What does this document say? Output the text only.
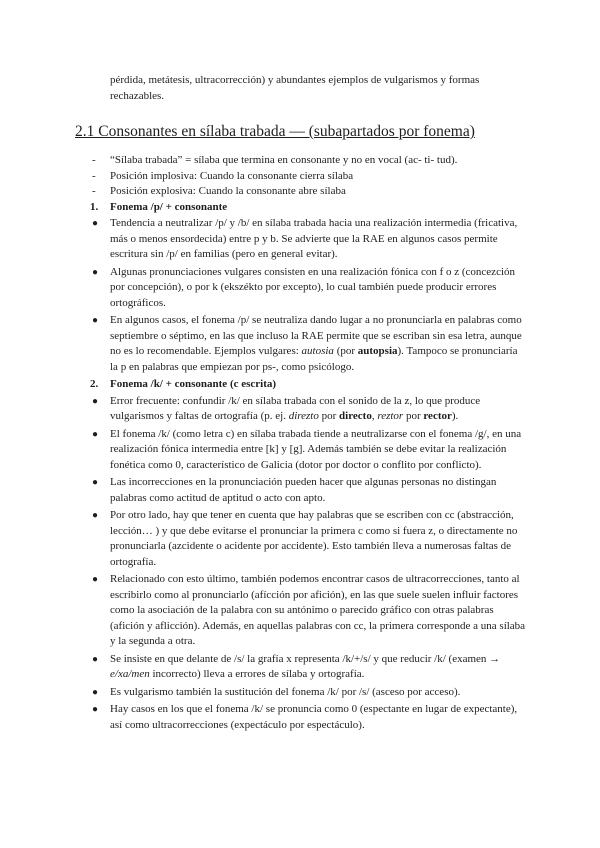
pérdida, metátesis, ultracorrección) y abundantes ejemplos de vulgarismos y formas rechazables.
2.1 Consonantes en sílaba trabada — (subapartados por fonema)
-	“Sílaba trabada” = sílaba que termina en consonante y no en vocal (ac- ti- tud).
-	Posición implosiva: Cuando la consonante cierra sílaba
-	Posición explosiva: Cuando la consonante abre sílaba
1.	Fonema /p/ + consonante
●	Tendencia a neutralizar /p/ y /b/ en sílaba trabada hacia una realización intermedia (fricativa, más o menos ensordecida) entre p y b. Se advierte que la RAE en algunos casos permite escritura sin /p/ en familias (pero en general evitar).
●	Algunas pronunciaciones vulgares consisten en una realización fónica con f o z (concezción por concepción), o por k (ekszékto por excepto), lo cual también puede producir errores ortográficos.
●	En algunos casos, el fonema /p/ se neutraliza dando lugar a no pronunciarla en palabras como septiembre o séptimo, en las que incluso la RAE permite que se escriban sin esa letra, aunque no es lo recomendable. Ejemplos vulgares: autosia (por autopsia). Tampoco se pronunciaría la p en palabras que empiezan por ps-, como psicólogo.
2.	Fonema /k/ + consonante (c escrita)
●	Error frecuente: confundir /k/ en sílaba trabada con el sonido de la z, lo que produce vulgarismos y faltas de ortografía (p. ej. direzto por directo, reztor por rector).
●	El fonema /k/ (como letra c) en sílaba trabada tiende a neutralizarse con el fonema /g/, en una realización fónica intermedia entre [k] y [g]. Además también se debe evitar la realización fonética como 0, característico de Galicia (dotor por doctor o conflito por conflicto).
●	Las incorrecciones en la pronunciación pueden hacer que algunas personas no distingan palabras como actitud de aptitud o acto con apto.
●	Por otro lado, hay que tener en cuenta que hay palabras que se escriben con cc (abstracción, lección… ) y que debe evitarse el pronunciar la primera c como si fuera z, o directamente no pronunciarla (azcidente o acidente por accidente). Esto también lleva a numerosas faltas de ortografía.
●	Relacionado con esto último, también podemos encontrar casos de ultracorrecciones, tanto al escribirlo como al pronunciarlo (afícción por afición), en las que suele suelen influir factores como la asociación de la palabra con su antónimo o parecido gráfico con otras palabras (afición y aflicción). Además, en aquellas palabras con cc, la primera corresponde a una sílaba y la segunda a otra.
●	Se insiste en que delante de /s/ la grafía x representa /k/+/s/ y que reducir /k/ (examen → e/xa/men incorrecto) lleva a errores de sílaba y ortografía.
●	Es vulgarismo también la sustitución del fonema /k/ por /s/ (asceso por acceso).
●	Hay casos en los que el fonema /k/ se pronuncia como 0 (espectante en lugar de expectante), así como ultracorrecciones (expectáculo por espectáculo).
